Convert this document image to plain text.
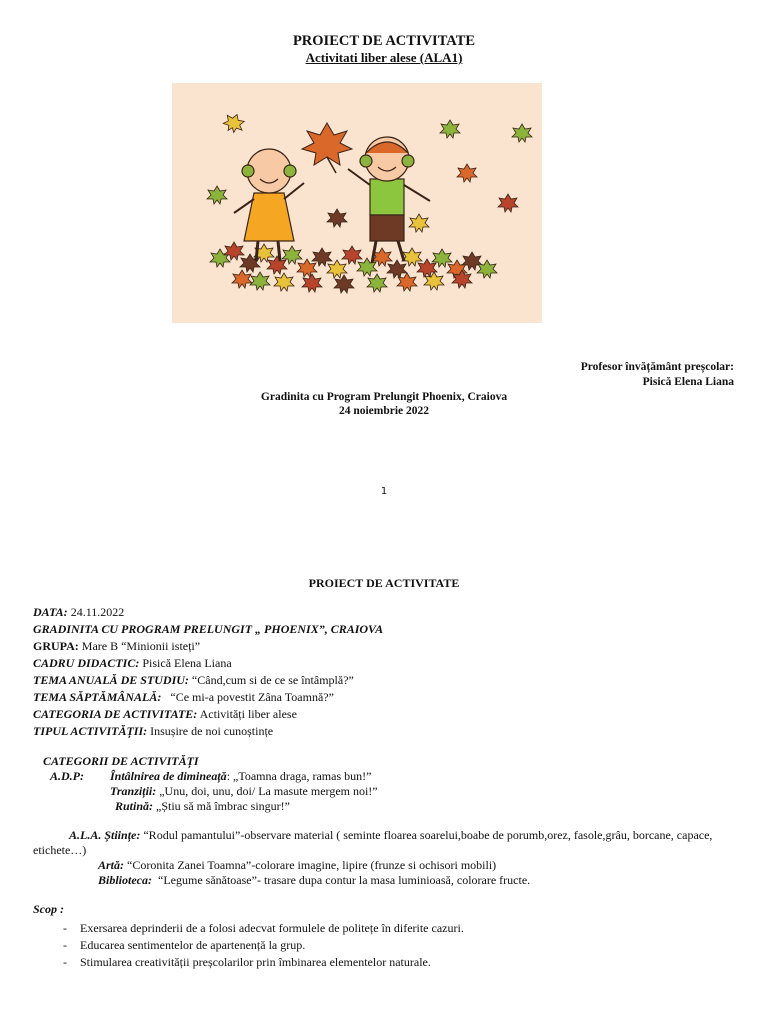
PROIECT DE ACTIVITATE
Activitati liber alese (ALA1)
Profesor învățământ preșcolar:
Pisică Elena Liana
Gradinita cu Program Prelungit Phoenix, Craiova
24 noiembrie 2022
1
PROIECT DE ACTIVITATE
DATA: 24.11.2022
GRADINITA CU PROGRAM PRELUNGIT „ PHOENIX”, CRAIOVA
GRUPA: Mare B “Minionii isteți”
CADRU DIDACTIC: Pisică Elena Liana
TEMA ANUALĂ DE STUDIU: “Când,cum si de ce se întâmplă?”
TEMA SĂPTĂMÂNALĂ:   “Ce mi-a povestit Zâna Toamnă?”
CATEGORIA DE ACTIVITATE: Activități liber alese
TIPUL ACTIVITĂȚII: Insușire de noi cunoștințe
CATEGORII DE ACTIVITĂȚI
A.D.P: Întâlnirea de dimineață: „Toamna draga, ramas bun!”
Tranziții: „Unu, doi, unu, doi/ La masute mergem noi!”
Rutină: „Știu să mă îmbrac singur!”
A.L.A. Științe: “Rodul pamantului”-observare material ( seminte floarea soarelui,boabe de porumb,orez, fasole,grâu, borcane, capace, etichete…)
Artă: “Coronita Zanei Toamna”-colorare imagine, lipire (frunze si ochisori mobili)
Biblioteca:  “Legume sănătoase”- trasare dupa contur la masa luminioasă, colorare fructe.
Scop :
- Exersarea deprinderii de a folosi adecvat formulele de politețe în diferite cazuri.
- Educarea sentimentelor de apartenență la grup.
- Stimularea creativității preșcolarilor prin îmbinarea elementelor naturale.
